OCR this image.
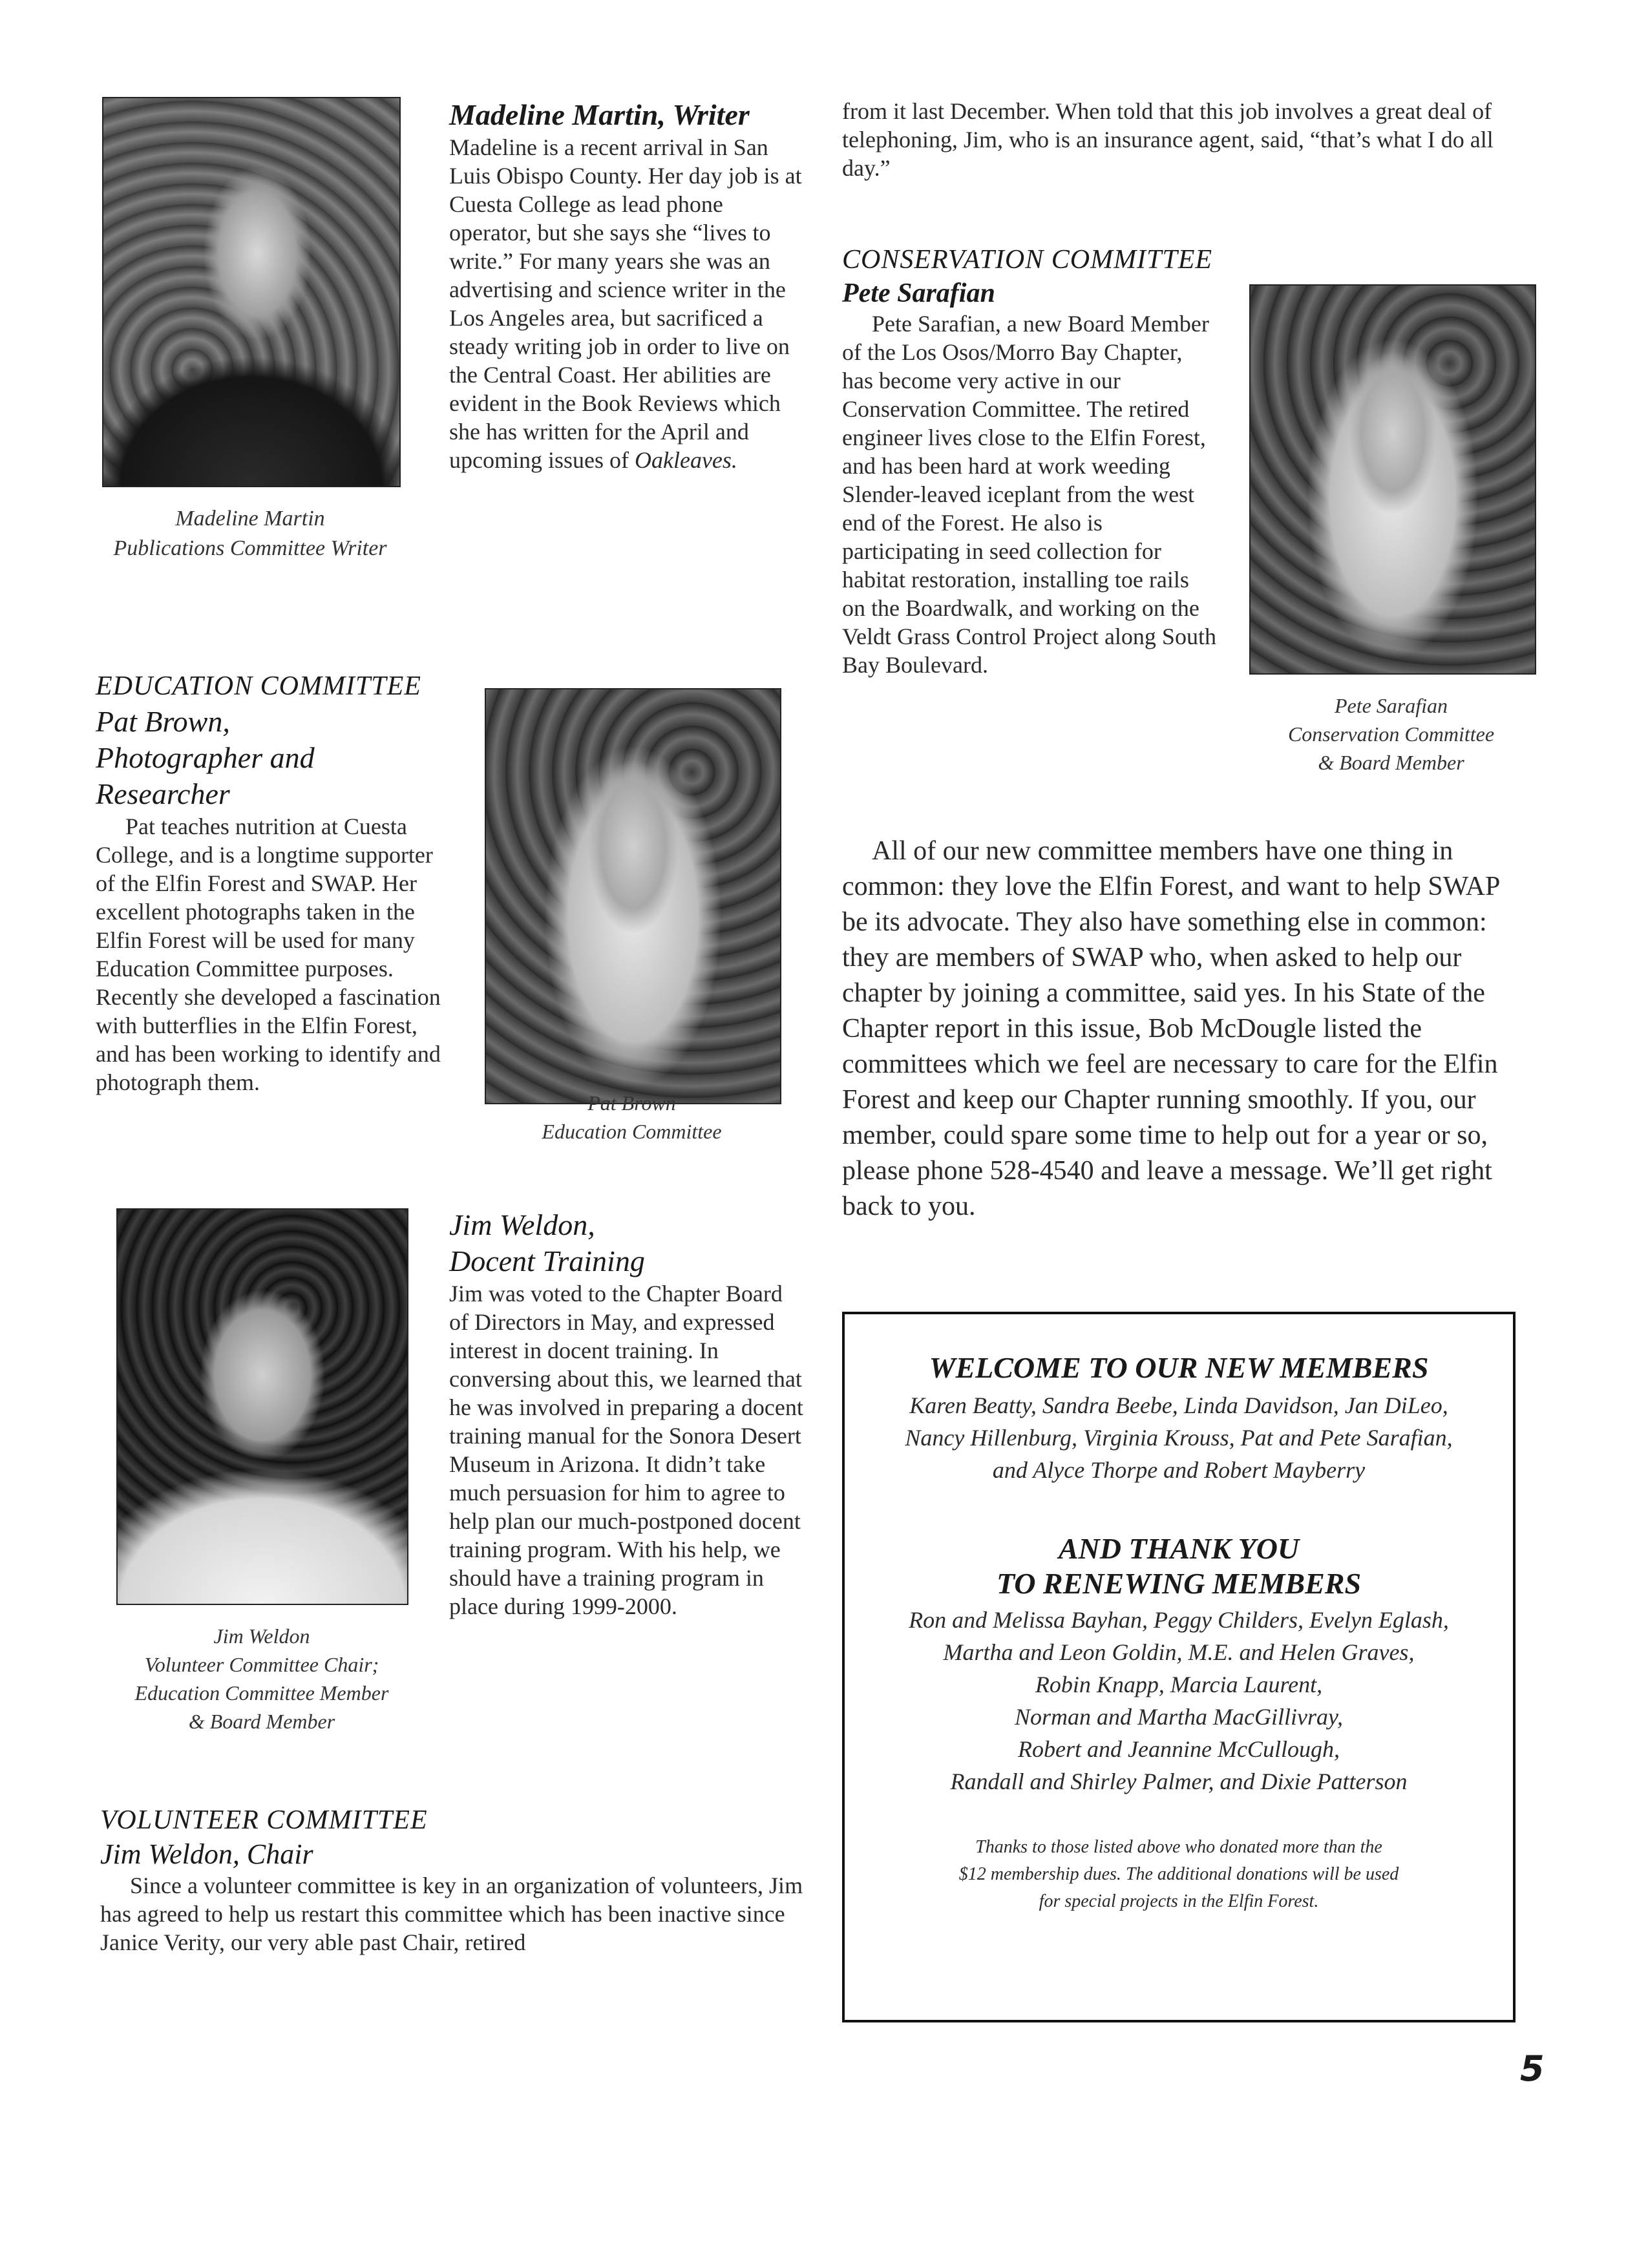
Madeline Martin
Publications Committee Writer

Madeline Martin, Writer

Madeline is a recent arrival in San Luis Obispo County. Her day job is at Cuesta College as lead phone operator, but she says she “lives to write.” For many years she was an advertising and science writer in the Los Angeles area, but sacrificed a steady writing job in order to live on the Central Coast. Her abilities are evident in the Book Reviews which she has written for the April and upcoming issues of Oakleaves.

from it last December. When told that this job involves a great deal of telephoning, Jim, who is an insurance agent, said, “that’s what I do all day.”

CONSERVATION COMMITTEE

Pete Sarafian

Pete Sarafian, a new Board Member of the Los Osos/Morro Bay Chapter, has become very active in our Conservation Committee. The retired engineer lives close to the Elfin Forest, and has been hard at work weeding Slender-leaved iceplant from the west end of the Forest. He also is participating in seed collection for habitat restoration, installing toe rails on the Boardwalk, and working on the Veldt Grass Control Project along South Bay Boulevard.

Pete Sarafian
Conservation Committee
& Board Member

EDUCATION COMMITTEE

Pat Brown,
Photographer and
Researcher

Pat teaches nutrition at Cuesta College, and is a longtime supporter of the Elfin Forest and SWAP. Her excellent photographs taken in the Elfin Forest will be used for many Education Committee purposes. Recently she developed a fascination with butterflies in the Elfin Forest, and has been working to identify and photograph them.

Pat Brown
Education Committee

All of our new committee members have one thing in common: they love the Elfin Forest, and want to help SWAP be its advocate. They also have something else in common: they are members of SWAP who, when asked to help our chapter by joining a committee, said yes. In his State of the Chapter report in this issue, Bob McDougle listed the committees which we feel are necessary to care for the Elfin Forest and keep our Chapter running smoothly. If you, our member, could spare some time to help out for a year or so, please phone 528-4540 and leave a message. We’ll get right back to you.

Jim Weldon
Volunteer Committee Chair;
Education Committee Member
& Board Member

Jim Weldon,
Docent Training

Jim was voted to the Chapter Board of Directors in May, and expressed interest in docent training. In conversing about this, we learned that he was involved in preparing a docent training manual for the Sonora Desert Museum in Arizona. It didn’t take much persuasion for him to agree to help plan our much-postponed docent training program. With his help, we should have a training program in place during 1999-2000.

VOLUNTEER COMMITTEE

Jim Weldon, Chair

Since a volunteer committee is key in an organization of volunteers, Jim has agreed to help us restart this committee which has been inactive since Janice Verity, our very able past Chair, retired

WELCOME TO OUR NEW MEMBERS

Karen Beatty, Sandra Beebe, Linda Davidson, Jan DiLeo,
Nancy Hillenburg, Virginia Krouss, Pat and Pete Sarafian,
and Alyce Thorpe and Robert Mayberry

AND THANK YOU
TO RENEWING MEMBERS

Ron and Melissa Bayhan, Peggy Childers, Evelyn Eglash,
Martha and Leon Goldin, M.E. and Helen Graves,
Robin Knapp, Marcia Laurent,
Norman and Martha MacGillivray,
Robert and Jeannine McCullough,
Randall and Shirley Palmer, and Dixie Patterson

Thanks to those listed above who donated more than the
$12 membership dues. The additional donations will be used
for special projects in the Elfin Forest.

5
